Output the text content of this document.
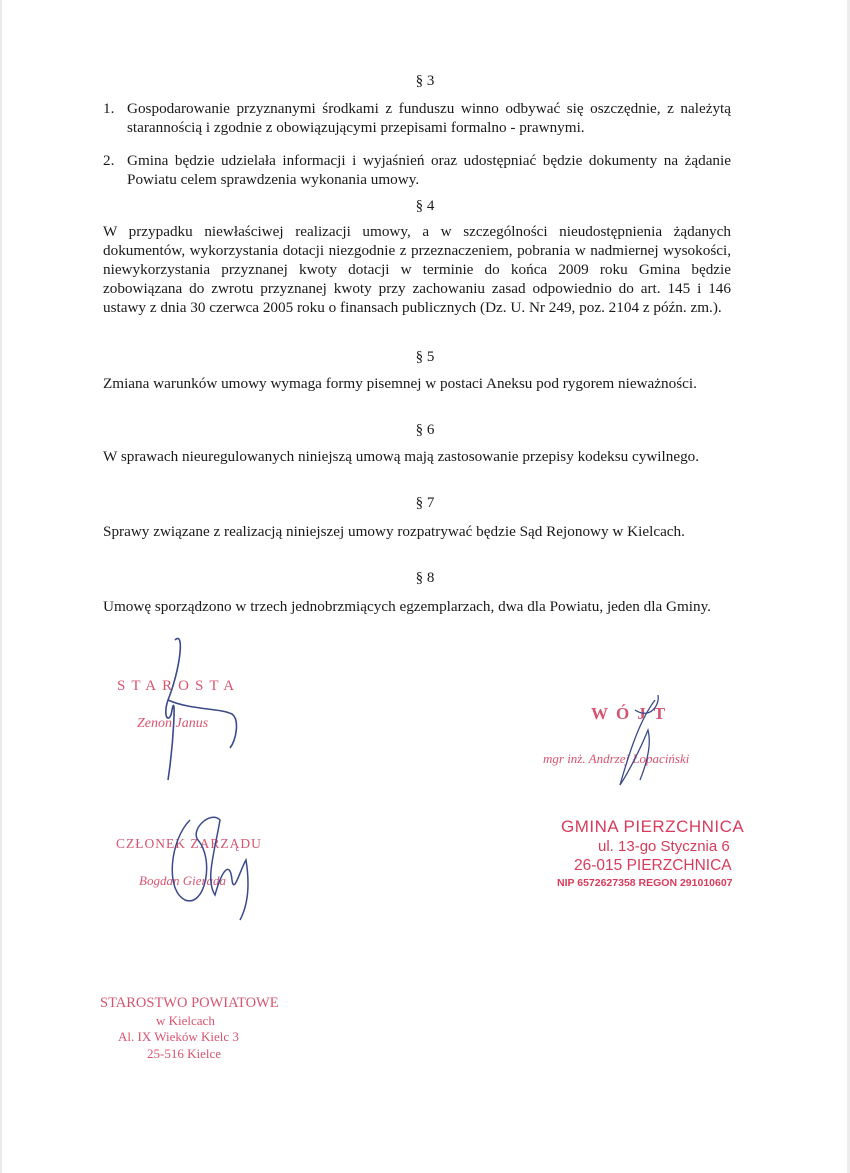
§ 3
1. Gospodarowanie przyznanymi środkami z funduszu winno odbywać się oszczędnie, z należytą starannością i zgodnie z obowiązującymi przepisami formalno - prawnymi.
2. Gmina będzie udzielała informacji i wyjaśnień oraz udostępniać będzie dokumenty na żądanie Powiatu celem sprawdzenia wykonania umowy.
§ 4
W przypadku niewłaściwej realizacji umowy, a w szczególności nieudostępnienia żądanych dokumentów, wykorzystania dotacji niezgodnie z przeznaczeniem, pobrania w nadmiernej wysokości, niewykorzystania przyznanej kwoty dotacji w terminie do końca 2009 roku Gmina będzie zobowiązana do zwrotu przyznanej kwoty przy zachowaniu zasad odpowiednio do art. 145 i 146 ustawy z dnia 30 czerwca 2005 roku o finansach publicznych (Dz. U. Nr 249, poz. 2104 z późn. zm.).
§ 5
Zmiana warunków umowy wymaga formy pisemnej w postaci Aneksu pod rygorem nieważności.
§ 6
W sprawach nieuregulowanych niniejszą umową mają zastosowanie przepisy kodeksu cywilnego.
§ 7
Sprawy związane z realizacją niniejszej umowy rozpatrywać będzie Sąd Rejonowy w Kielcach.
§ 8
Umowę sporządzono w trzech jednobrzmiących egzemplarzach, dwa dla Powiatu, jeden dla Gminy.
STAROSTA
Zenon Janus
CZŁONEK ZARZĄDU
Bogdan Gierada
WÓJT
mgr inż. Andrzej Łopaciński
GMINA PIERZCHNICA
ul. 13-go Stycznia 6
26-015 PIERZCHNICA
NIP 6572627358 REGON 291010607
STAROSTWO POWIATOWE
w Kielcach
Al. IX Wieków Kielc 3
25-516 Kielce
